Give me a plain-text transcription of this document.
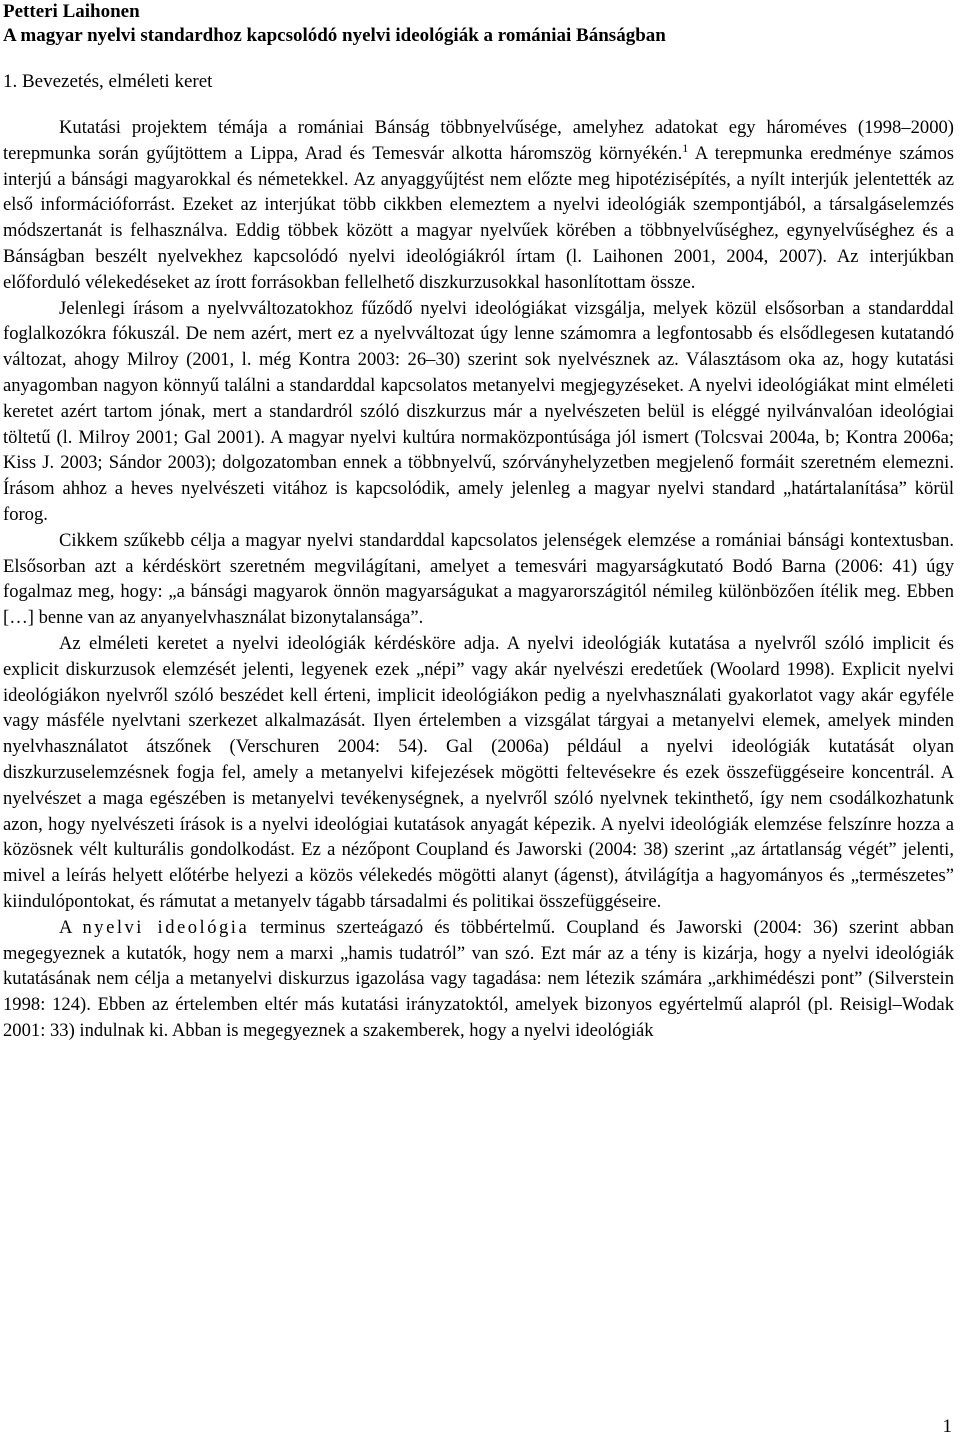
Petteri Laihonen

A magyar nyelvi standardhoz kapcsolódó nyelvi ideológiák a romániai Bánságban

1. Bevezetés, elméleti keret

Kutatási projektem témája a romániai Bánság többnyelvűsége, amelyhez adatokat egy hároméves (1998–2000) terepmunka során gyűjtöttem a Lippa, Arad és Temesvár alkotta háromszög környékén.$^1$ A terepmunka eredménye számos interjú a bánsági magyarokkal és németekkel. Az anyaggyűjtést nem előzte meg hipotézisépítés, a nyílt interjúk jelentették az első információforrást. Ezeket az interjúkat több cikkben elemeztem a nyelvi ideológiák szempontjából, a társalgáselemzés módszertanát is felhasználva. Eddig többek között a magyar nyelvűek körében a többnyelvűséghez, egynyelvűséghez és a Bánságban beszélt nyelvekhez kapcsolódó nyelvi ideológiákról írtam (l. Laihonen 2001, 2004, 2007). Az interjúkban előforduló vélekedéseket az írott forrásokban fellelhető diszkurzusokkal hasonlítottam össze.

Jelenlegi írásom a nyelvváltozatokhoz fűződő nyelvi ideológiákat vizsgálja, melyek közül elsősorban a standarddal foglalkozókra fókuszál. De nem azért, mert ez a nyelvváltozat úgy lenne számomra a legfontosabb és elsődlegesen kutatandó változat, ahogy Milroy (2001, l. még Kontra 2003: 26–30) szerint sok nyelvésznek az. Választásom oka az, hogy kutatási anyagomban nagyon könnyű találni a standarddal kapcsolatos metanyelvi megjegyzéseket. A nyelvi ideológiákat mint elméleti keretet azért tartom jónak, mert a standardról szóló diszkurzus már a nyelvészeten belül is eléggé nyilvánvalóan ideológiai töltetű (l. Milroy 2001; Gal 2001). A magyar nyelvi kultúra normaközpontúsága jól ismert (Tolcsvai 2004a, b; Kontra 2006a; Kiss J. 2003; Sándor 2003); dolgozatomban ennek a többnyelvű, szórványhelyzetben megjelenő formáit szeretném elemezni. Írásom ahhoz a heves nyelvészeti vitához is kapcsolódik, amely jelenleg a magyar nyelvi standard „határtalanítása” körül forog.

Cikkem szűkebb célja a magyar nyelvi standarddal kapcsolatos jelenségek elemzése a romániai bánsági kontextusban. Elsősorban azt a kérdéskört szeretném megvilágítani, amelyet a temesvári magyarságkutató Bodó Barna (2006: 41) úgy fogalmaz meg, hogy: „a bánsági magyarok önnön magyarságukat a magyarországitól némileg különbözően ítélik meg. Ebben […] benne van az anyanyelvhasználat bizonytalansága”.

Az elméleti keretet a nyelvi ideológiák kérdésköre adja. A nyelvi ideológiák kutatása a nyelvről szóló implicit és explicit diskurzusok elemzését jelenti, legyenek ezek „népi” vagy akár nyelvészi eredetűek (Woolard 1998). Explicit nyelvi ideológiákon nyelvről szóló beszédet kell érteni, implicit ideológiákon pedig a nyelvhasználati gyakorlatot vagy akár egyféle vagy másféle nyelvtani szerkezet alkalmazását. Ilyen értelemben a vizsgálat tárgyai a metanyelvi elemek, amelyek minden nyelvhasználatot átszőnek (Verschuren 2004: 54). Gal (2006a) például a nyelvi ideológiák kutatását olyan diszkurzuselemzésnek fogja fel, amely a metanyelvi kifejezések mögötti feltevésekre és ezek összefüggéseire koncentrál. A nyelvészet a maga egészében is metanyelvi tevékenységnek, a nyelvről szóló nyelvnek tekinthető, így nem csodálkozhatunk azon, hogy nyelvészeti írások is a nyelvi ideológiai kutatások anyagát képezik. A nyelvi ideológiák elemzése felszínre hozza a közösnek vélt kulturális gondolkodást. Ez a nézőpont Coupland és Jaworski (2004: 38) szerint „az ártatlanság végét” jelenti, mivel a leírás helyett előtérbe helyezi a közös vélekedés mögötti alanyt (ágenst), átvilágítja a hagyományos és „természetes” kiindulópontokat, és rámutat a metanyelv tágabb társadalmi és politikai összefüggéseire.

A nyelvi ideológia terminus szerteágazó és többértelmű. Coupland és Jaworski (2004: 36) szerint abban megegyeznek a kutatók, hogy nem a marxi „hamis tudatról” van szó. Ezt már az a tény is kizárja, hogy a nyelvi ideológiák kutatásának nem célja a metanyelvi diskurzus igazolása vagy tagadása: nem létezik számára „arkhimédészi pont” (Silverstein 1998: 124). Ebben az értelemben eltér más kutatási irányzatoktól, amelyek bizonyos egyértelmű alapról (pl. Reisigl–Wodak 2001: 33) indulnak ki. Abban is megegyeznek a szakemberek, hogy a nyelvi ideológiák

1
